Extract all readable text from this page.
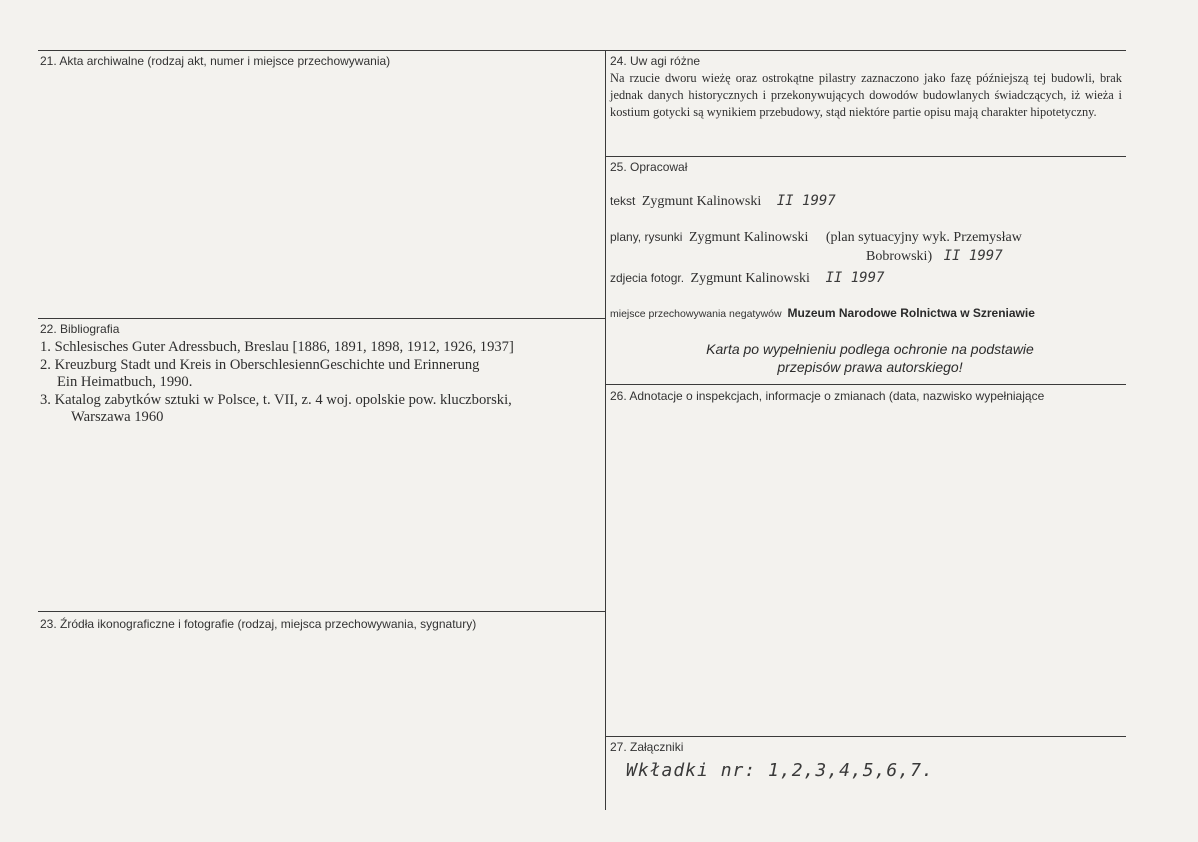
21. Akta archiwalne (rodzaj akt, numer i miejsce przechowywania)
22. Bibliografia
1. Schlesisches Guter Adressbuch, Breslau [1886, 1891, 1898, 1912, 1926, 1937]
2. Kreuzburg Stadt und Kreis in OberschlesiennGeschichte und Erinnerung
Ein Heimatbuch, 1990.
3. Katalog zabytków sztuki w Polsce, t. VII, z. 4 woj. opolskie pow. kluczborski,
Warszawa 1960
23. Źródła ikonograficzne i fotografie (rodzaj, miejsca przechowywania, sygnatury)
24. Uw agi różne
Na rzucie dworu wieżę oraz ostrokątne pilastry zaznaczono jako fazę późniejszą tej budowli, brak jednak danych historycznych i przekonywujących dowodów budowlanych świadczących, iż wieża i kostium gotycki są wynikiem przebudowy, stąd niektóre partie opisu mają charakter hipotetyczny.
25. Opracował
tekst Zygmunt Kalinowski II 1997
plany, rysunki Zygmunt Kalinowski (plan sytuacyjny wyk. Przemysław
Bobrowski) II 1997
zdjecia fotogr. Zygmunt Kalinowski II 1997
miejsce przechowywania negatywów Muzeum Narodowe Rolnictwa w Szreniawie
Karta po wypełnieniu podlega ochronie na podstawie
przepisów prawa autorskiego!
26. Adnotacje o inspekcjach, informacje o zmianach (data, nazwisko wypełniające
27. Załączniki
Wkładki nr: 1,2,3,4,5,6,7.
